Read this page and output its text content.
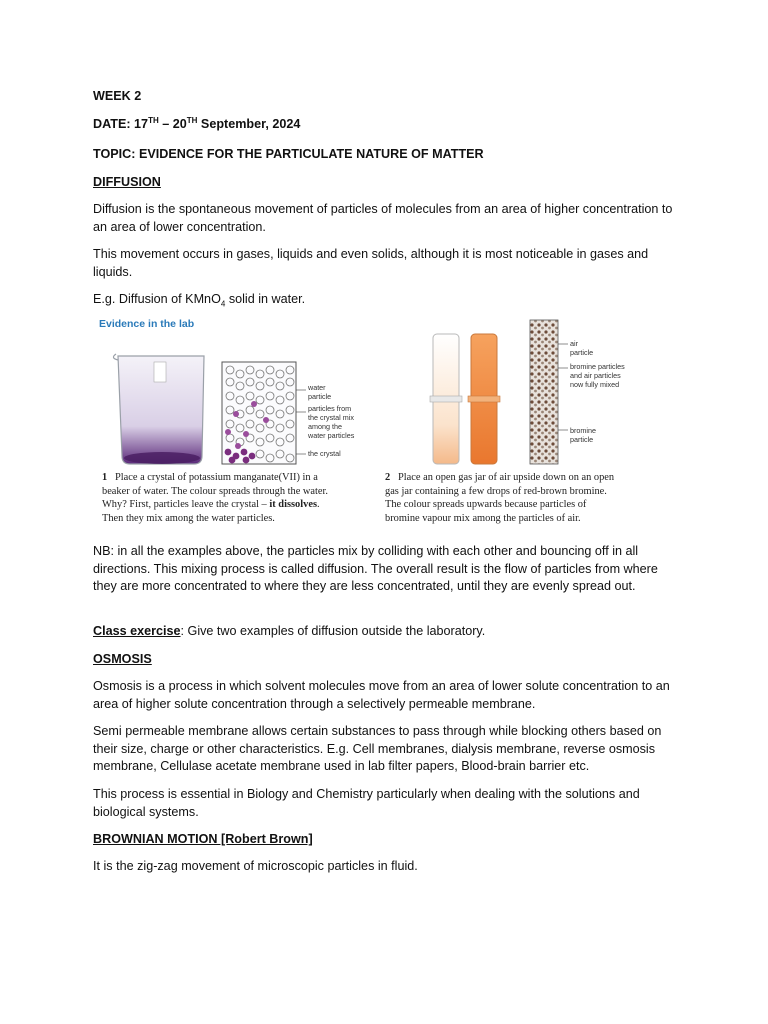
WEEK 2

DATE: 17TH – 20TH September, 2024

TOPIC: EVIDENCE FOR THE PARTICULATE NATURE OF MATTER

DIFFUSION

Diffusion is the spontaneous movement of particles of molecules from an area of higher concentration to an area of lower concentration.

This movement occurs in gases, liquids and even solids, although it is most noticeable in gases and liquids.

E.g. Diffusion of KMnO$_4$ solid in water.

Evidence in the lab
water
particle
particles from
the crystal mix
among the
water particles
the crystal
air
particle
bromine particles
and air particles
now fully mixed
bromine
particle
1 Place a crystal of potassium manganate(VII) in a
beaker of water. The colour spreads through the water.
Why? First, particles leave the crystal – it dissolves.
Then they mix among the water particles.
2 Place an open gas jar of air upside down on an open
gas jar containing a few drops of red-brown bromine.
The colour spreads upwards because particles of
bromine vapour mix among the particles of air.

NB: in all the examples above, the particles mix by colliding with each other and bouncing off in all directions. This mixing process is called diffusion. The overall result is the flow of particles from where they are more concentrated to where they are less concentrated, until they are evenly spread out.

Class exercise: Give two examples of diffusion outside the laboratory.

OSMOSIS

Osmosis is a process in which solvent molecules move from an area of lower solute concentration to an area of higher solute concentration through a selectively permeable membrane.

Semi permeable membrane allows certain substances to pass through while blocking others based on their size, charge or other characteristics. E.g. Cell membranes, dialysis membrane, reverse osmosis membrane, Cellulase acetate membrane used in lab filter papers, Blood-brain barrier etc.

This process is essential in Biology and Chemistry particularly when dealing with the solutions and biological systems.

BROWNIAN MOTION [Robert Brown]

It is the zig-zag movement of microscopic particles in fluid.
